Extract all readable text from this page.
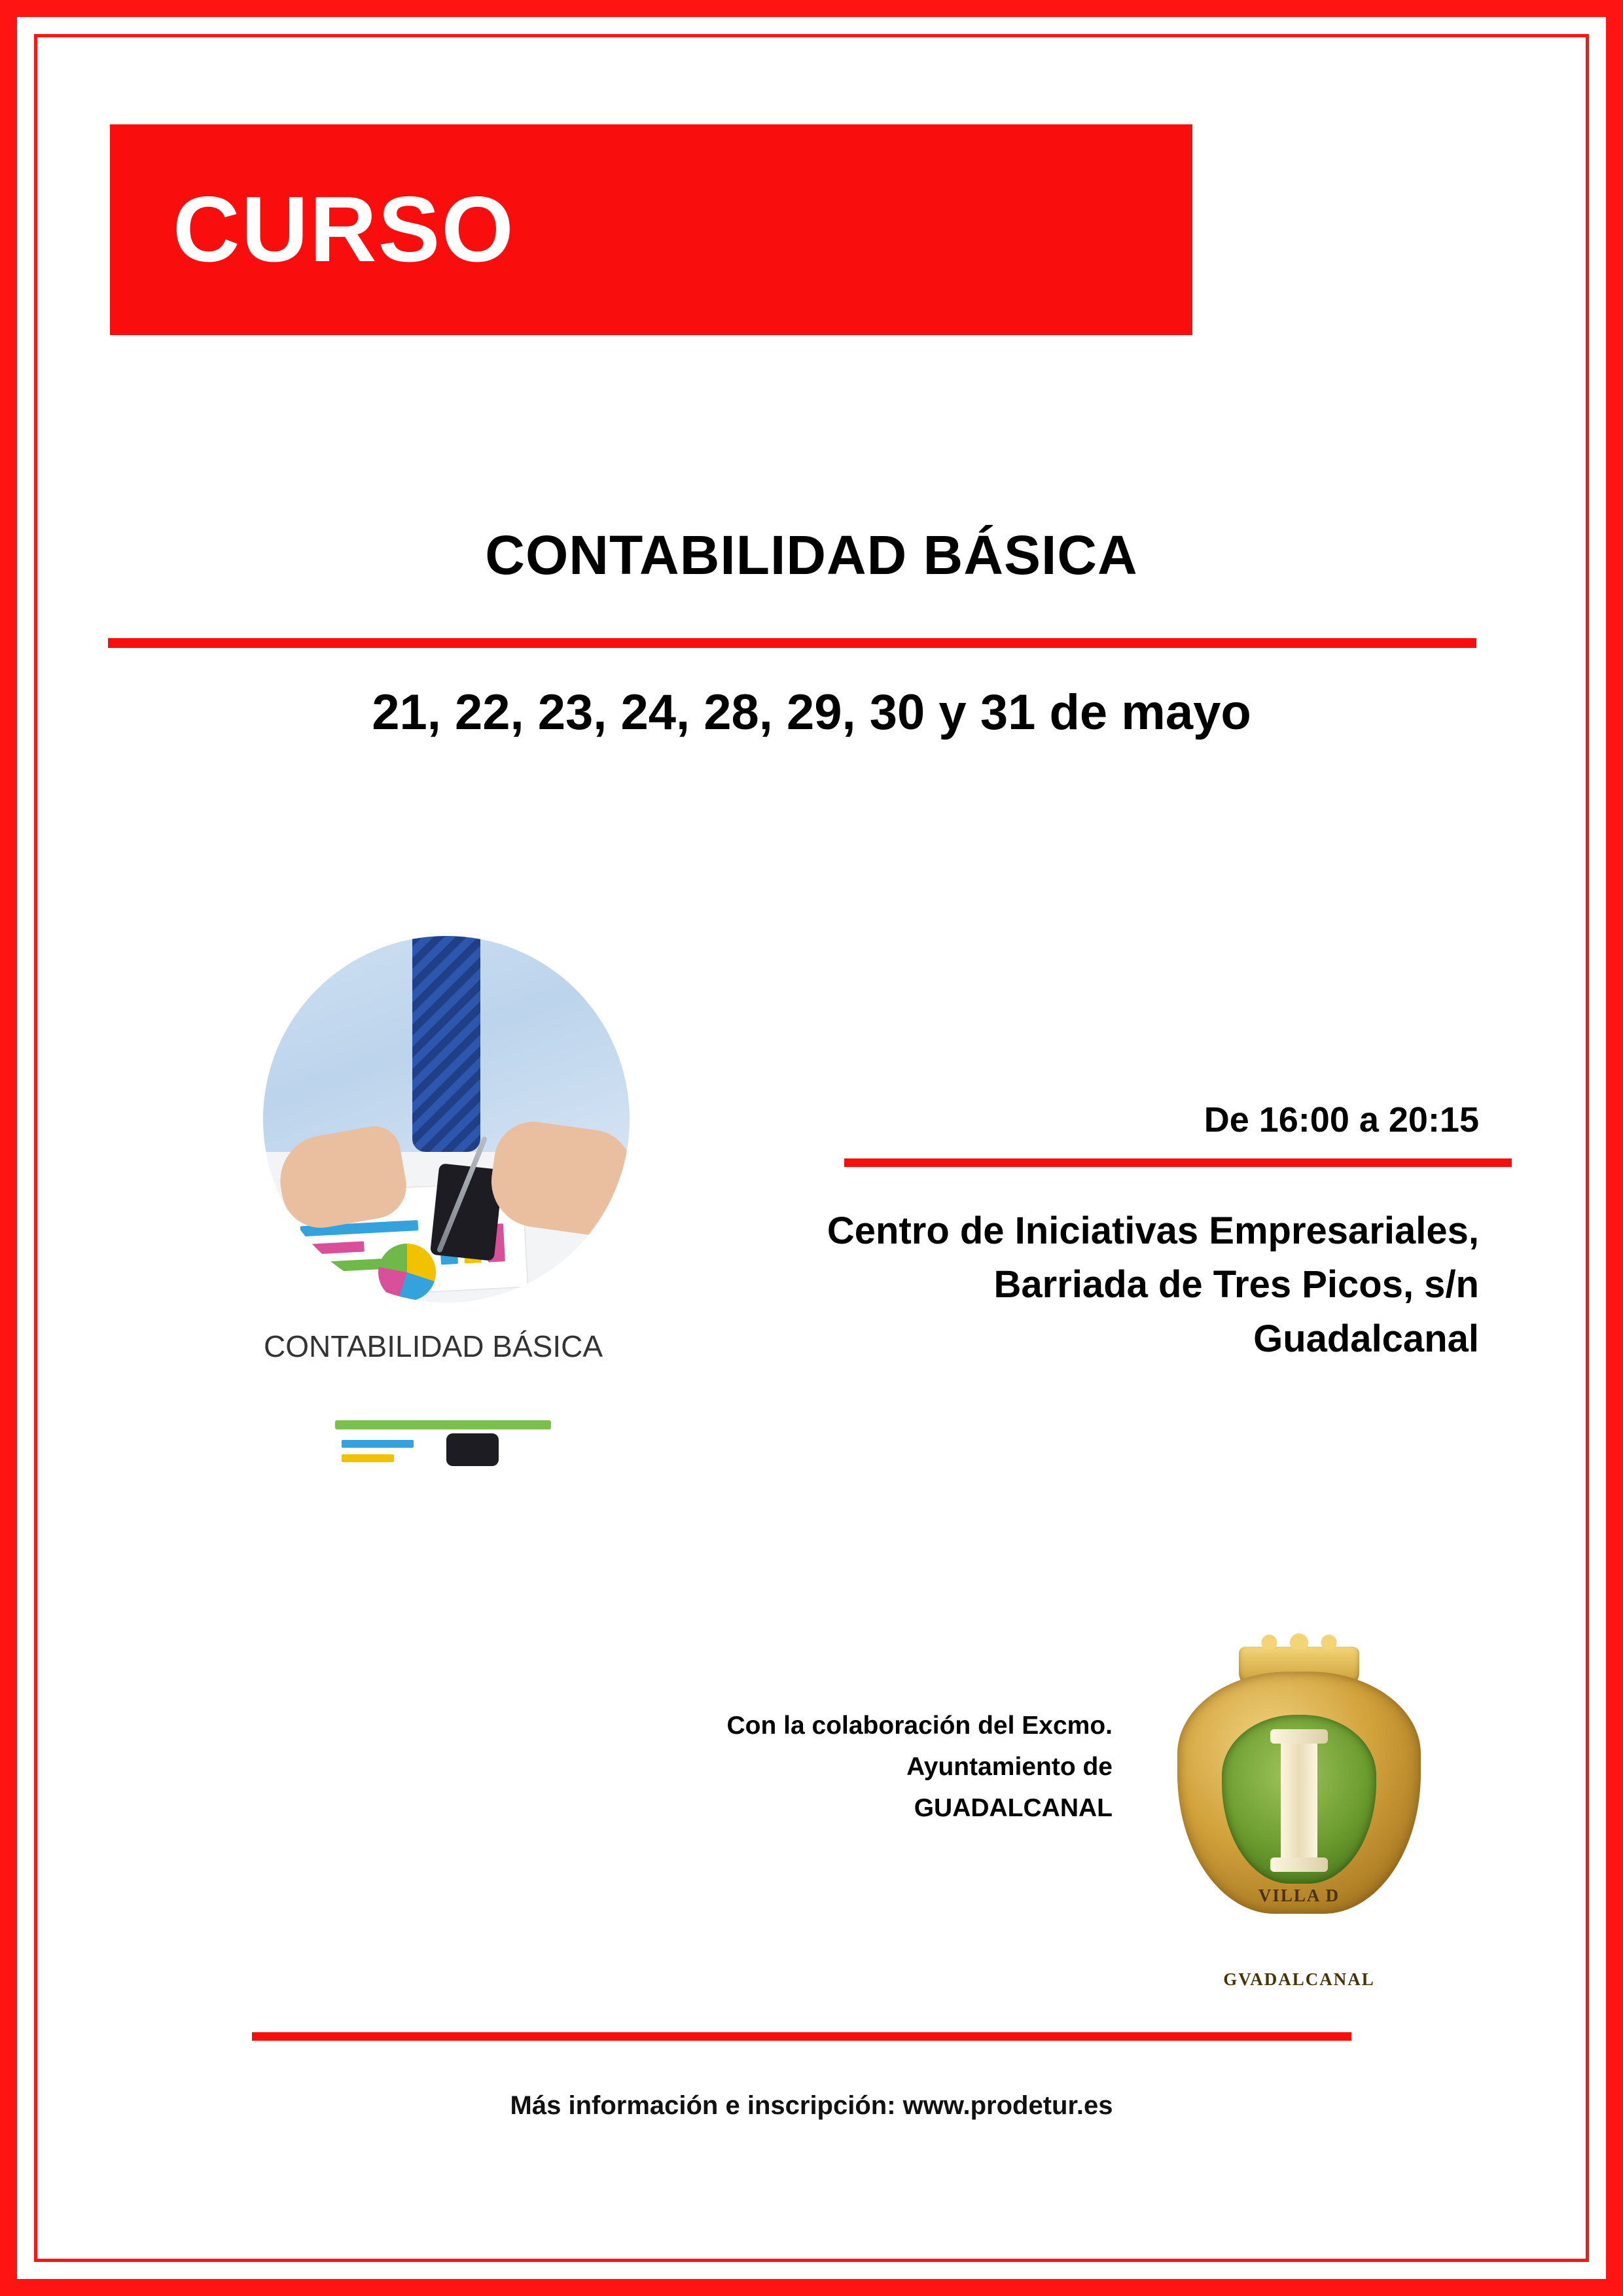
CURSO
CONTABILIDAD BÁSICA
21, 22, 23, 24, 28, 29, 30 y 31 de mayo
CONTABILIDAD BÁSICA
De 16:00 a 20:15
Centro de Iniciativas Empresariales,
Barriada de Tres Picos, s/n
Guadalcanal
Con la colaboración del Excmo.
Ayuntamiento de
GUADALCANAL
VILLA D GVADALCANAL
Más información e inscripción: www.prodetur.es
